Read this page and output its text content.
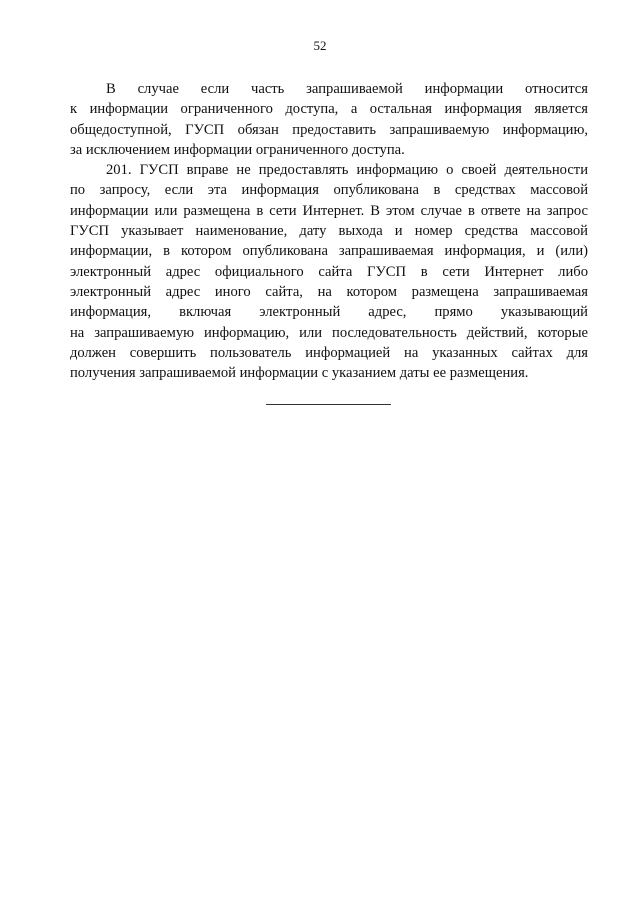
52
В случае если часть запрашиваемой информации относится
к информации ограниченного доступа, а остальная информация является
общедоступной, ГУСП обязан предоставить запрашиваемую информацию,
за исключением информации ограниченного доступа.
201. ГУСП вправе не предоставлять информацию о своей деятельности
по запросу, если эта информация опубликована в средствах массовой
информации или размещена в сети Интернет. В этом случае в ответе на запрос
ГУСП указывает наименование, дату выхода и номер средства массовой
информации, в котором опубликована запрашиваемая информация, и (или)
электронный адрес официального сайта ГУСП в сети Интернет либо
электронный адрес иного сайта, на котором размещена запрашиваемая
информация, включая электронный адрес, прямо указывающий
на запрашиваемую информацию, или последовательность действий, которые
должен совершить пользователь информацией на указанных сайтах для
получения запрашиваемой информации с указанием даты ее размещения.
